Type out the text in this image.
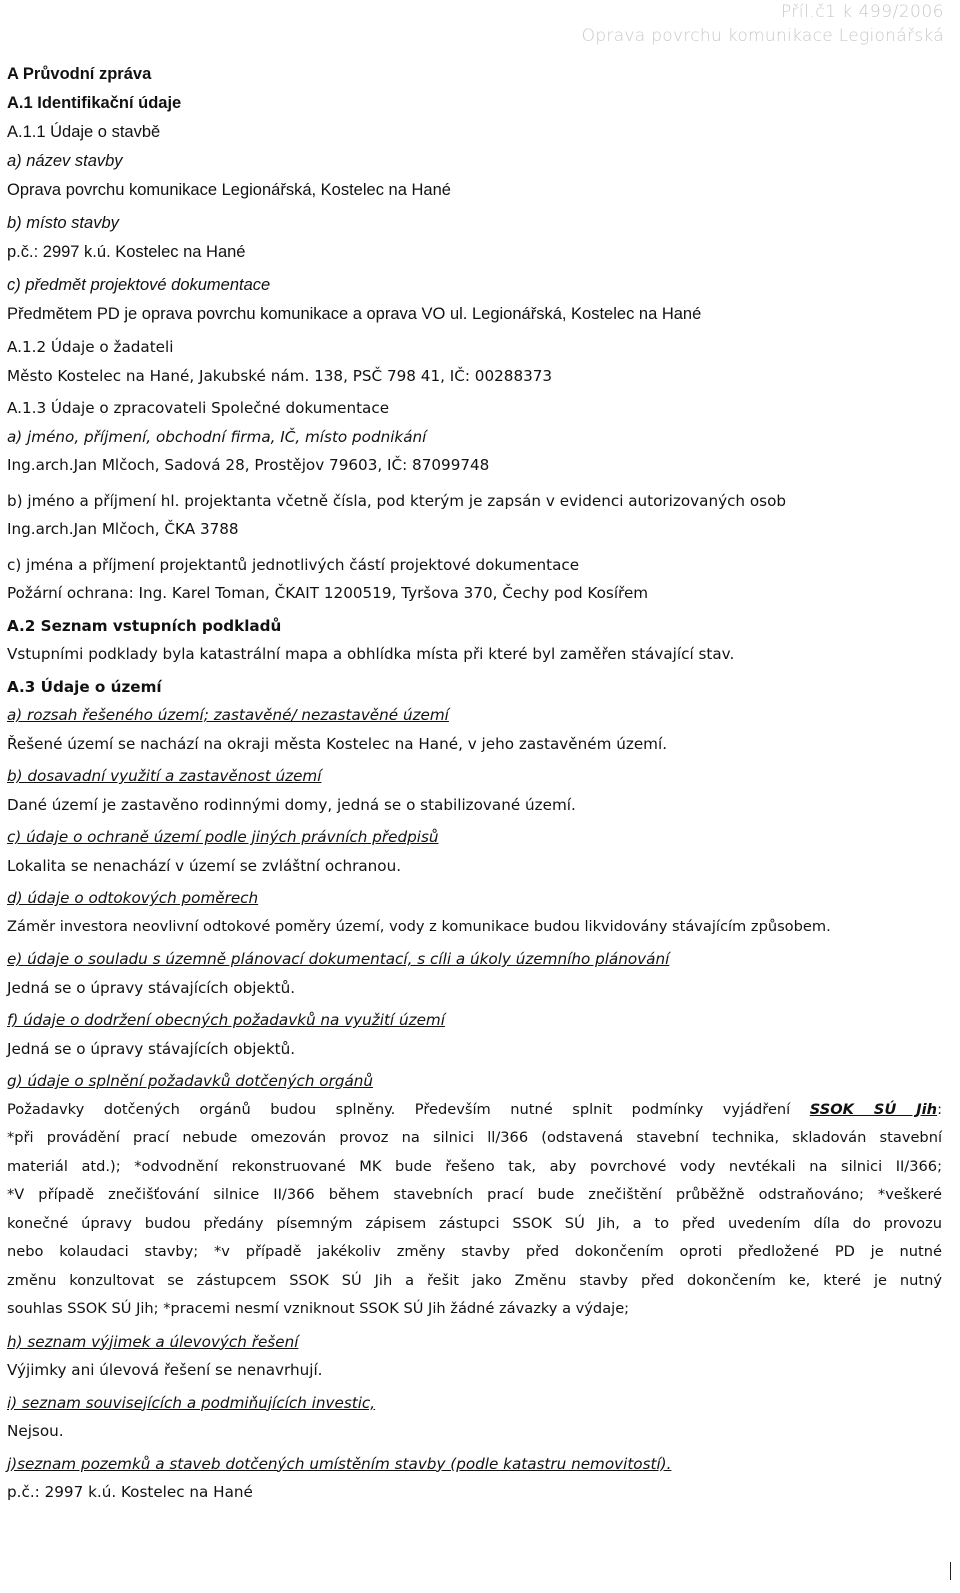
Příl.č1 k 499/2006
Oprava povrchu komunikace Legionářská

A Průvodní zpráva

A.1 Identifikační údaje

A.1.1 Údaje o stavbě

a) název stavby

Oprava povrchu komunikace Legionářská, Kostelec na Hané

b) místo stavby

p.č.: 2997 k.ú. Kostelec na Hané

c) předmět projektové dokumentace

Předmětem PD je oprava povrchu komunikace a oprava VO ul. Legionářská, Kostelec na Hané

A.1.2 Údaje o žadateli

Město Kostelec na Hané, Jakubské nám. 138, PSČ 798 41, IČ: 00288373

A.1.3 Údaje o zpracovateli Společné dokumentace

a) jméno, příjmení, obchodní firma, IČ, místo podnikání

Ing.arch.Jan Mlčoch, Sadová 28, Prostějov 79603, IČ: 87099748

b) jméno a příjmení hl. projektanta včetně čísla, pod kterým je zapsán v evidenci autorizovaných osob

Ing.arch.Jan Mlčoch, ČKA 3788

c) jména a příjmení projektantů jednotlivých částí projektové dokumentace

Požární ochrana: Ing. Karel Toman, ČKAIT 1200519, Tyršova 370, Čechy pod Kosířem

A.2 Seznam vstupních podkladů

Vstupními podklady byla katastrální mapa a obhlídka místa při které byl zaměřen stávající stav.

A.3 Údaje o území

a) rozsah řešeného území; zastavěné/ nezastavěné území

Řešené území se nachází na okraji města Kostelec na Hané, v jeho zastavěném území.

b) dosavadní využití a zastavěnost území

Dané území je zastavěno rodinnými domy, jedná se o stabilizované území.

c) údaje o ochraně území podle jiných právních předpisů

Lokalita se nenachází v území se zvláštní ochranou.

d) údaje o odtokových poměrech

Záměr investora neovlivní odtokové poměry území, vody z komunikace budou likvidovány stávajícím způsobem.

e) údaje o souladu s územně plánovací dokumentací, s cíli a úkoly územního plánování

Jedná se o úpravy stávajících objektů.

f) údaje o dodržení obecných požadavků na využití území

Jedná se o úpravy stávajících objektů.

g) údaje o splnění požadavků dotčených orgánů

Požadavky dotčených orgánů budou splněny. Především nutné splnit podmínky vyjádření SSOK SÚ Jih:
*při provádění prací nebude omezován provoz na silnici ll/366 (odstavená stavební technika, skladován stavební
materiál atd.); *odvodnění rekonstruované MK bude řešeno tak, aby povrchové vody nevtékali na silnici II/366;
*V případě znečišťování silnice II/366 během stavebních prací bude znečištění průběžně odstraňováno; *veškeré
konečné úpravy budou předány písemným zápisem zástupci SSOK SÚ Jih, a to před uvedením díla do provozu
nebo kolaudaci stavby; *v případě jakékoliv změny stavby před dokončením oproti předložené PD je nutné
změnu konzultovat se zástupcem SSOK SÚ Jih a řešit jako Změnu stavby před dokončením ke, které je nutný
souhlas SSOK SÚ Jih; *pracemi nesmí vzniknout SSOK SÚ Jih žádné závazky a výdaje;

h) seznam výjimek a úlevových řešení

Výjimky ani úlevová řešení se nenavrhují.

i) seznam souvisejících a podmiňujících investic,

Nejsou.

j)seznam pozemků a staveb dotčených umístěním stavby (podle katastru nemovitostí).

p.č.: 2997 k.ú. Kostelec na Hané
